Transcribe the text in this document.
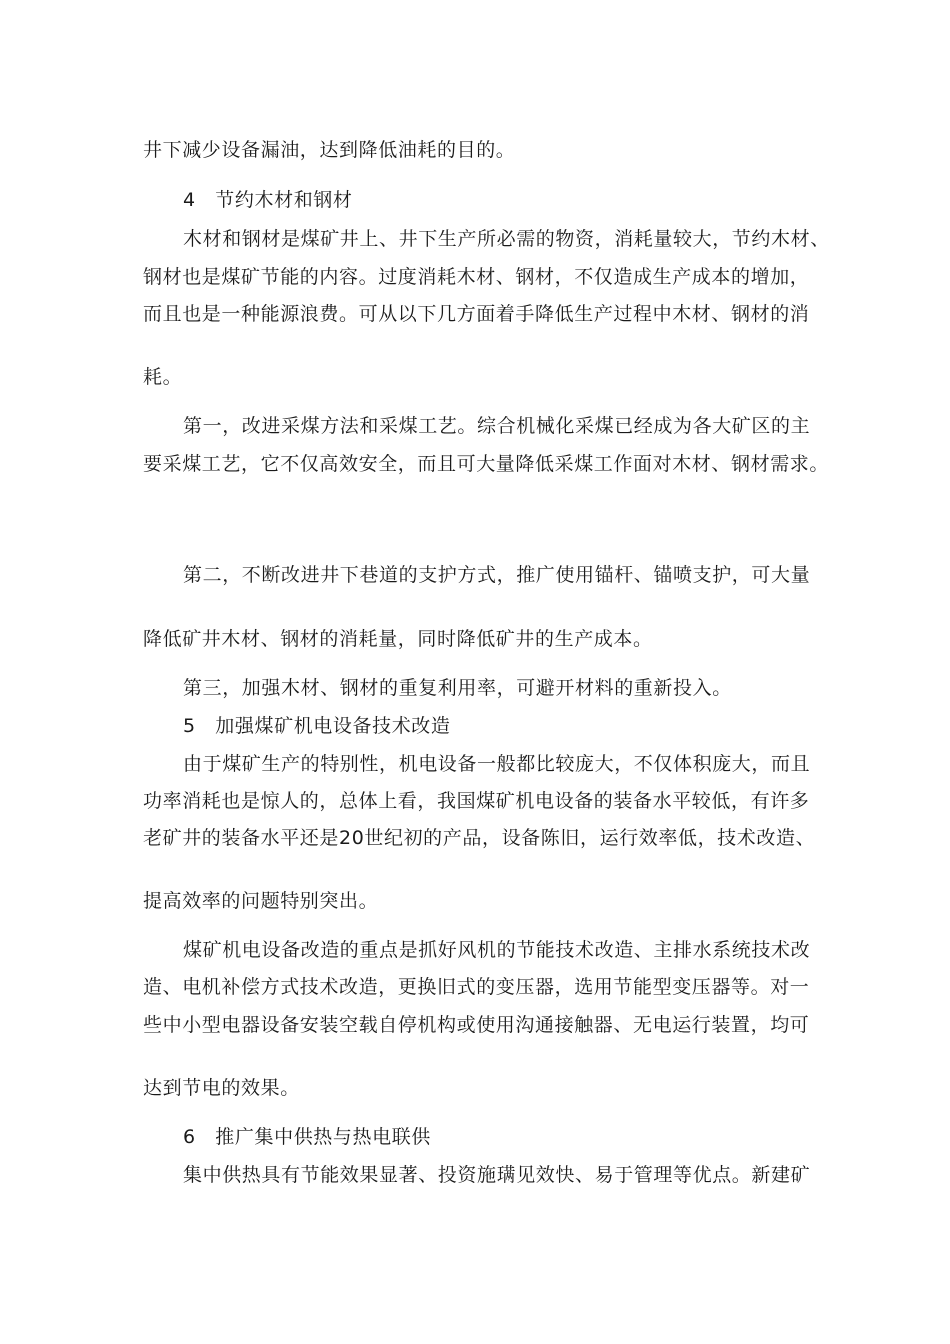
井下减少设备漏油，达到降低油耗的目的。
4　节约木材和钢材
木材和钢材是煤矿井上、井下生产所必需的物资，消耗量较大，节约木材、
钢材也是煤矿节能的内容。过度消耗木材、钢材，不仅造成生产成本的增加，
而且也是一种能源浪费。可从以下几方面着手降低生产过程中木材、钢材的消
耗。
第一，改进采煤方法和采煤工艺。综合机械化采煤已经成为各大矿区的主
要采煤工艺，它不仅高效安全，而且可大量降低采煤工作面对木材、钢材需求。
第二，不断改进井下巷道的支护方式，推广使用锚杆、锚喷支护，可大量
降低矿井木材、钢材的消耗量，同时降低矿井的生产成本。
第三，加强木材、钢材的重复利用率，可避开材料的重新投入。
5　加强煤矿机电设备技术改造
由于煤矿生产的特别性，机电设备一般都比较庞大，不仅体积庞大，而且
功率消耗也是惊人的，总体上看，我国煤矿机电设备的装备水平较低，有许多
老矿井的装备水平还是20世纪初的产品，设备陈旧，运行效率低，技术改造、
提高效率的问题特别突出。
煤矿机电设备改造的重点是抓好风机的节能技术改造、主排水系统技术改
造、电机补偿方式技术改造，更换旧式的变压器，选用节能型变压器等。对一
些中小型电器设备安装空载自停机构或使用沟通接触器、无电运行装置，均可
达到节电的效果。
6　推广集中供热与热电联供
集中供热具有节能效果显著、投资施𫞩见效快、易于管理等优点。新建矿
